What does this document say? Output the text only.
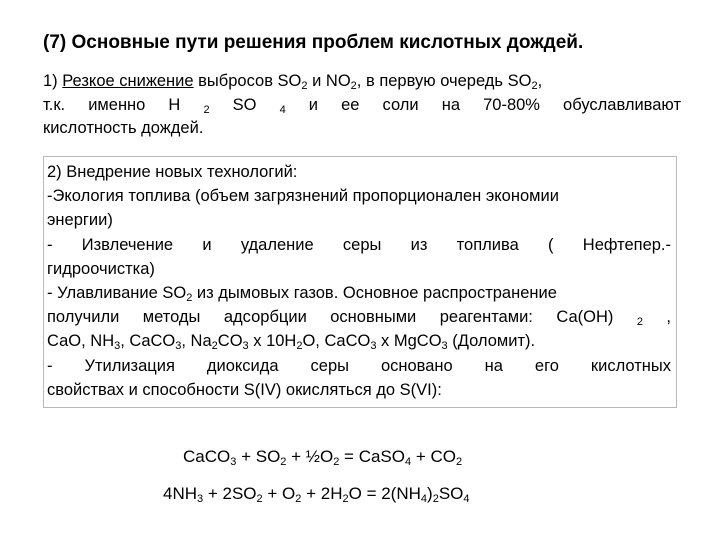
(7) Основные пути решения проблем кислотных дождей.
1) Резкое снижение выбросов $SO_2$ и $NO_2$, в первую очередь $SO_2$,
т.к. именно Н $_2$ SO $_4$ и ее соли на 70-80% обуславливают
кислотность дождей.
2) Внедрение новых технологий:
-Экология топлива (объем загрязнений пропорционален экономии
энергии)
- Извлечение и удаление серы из топлива ( Нефтепер.-
гидроочистка)
- Улавливание $SO_2$ из дымовых газов. Основное распространение
получили методы адсорбции основными реагентами: Са(ОН) $_2$ ,
СаО, $NH_3$, CaCO$_3$, $Na_2CO_3$ x $10H_2O$, CaCO$_3$ x MgCO$_3$ (Доломит).
- Утилизация диоксида серы основано на его кислотных
свойствах и способности S(IV) окисляться до S(VI):
CaCO$_3$ + $SO_2$ + $\frac{1}{2}O_2$ = CaSO$_4$ + $CO_2$
$4NH_3 + 2SO_2 + O_2 + 2H_2O = 2(NH_4)_2SO_4$
